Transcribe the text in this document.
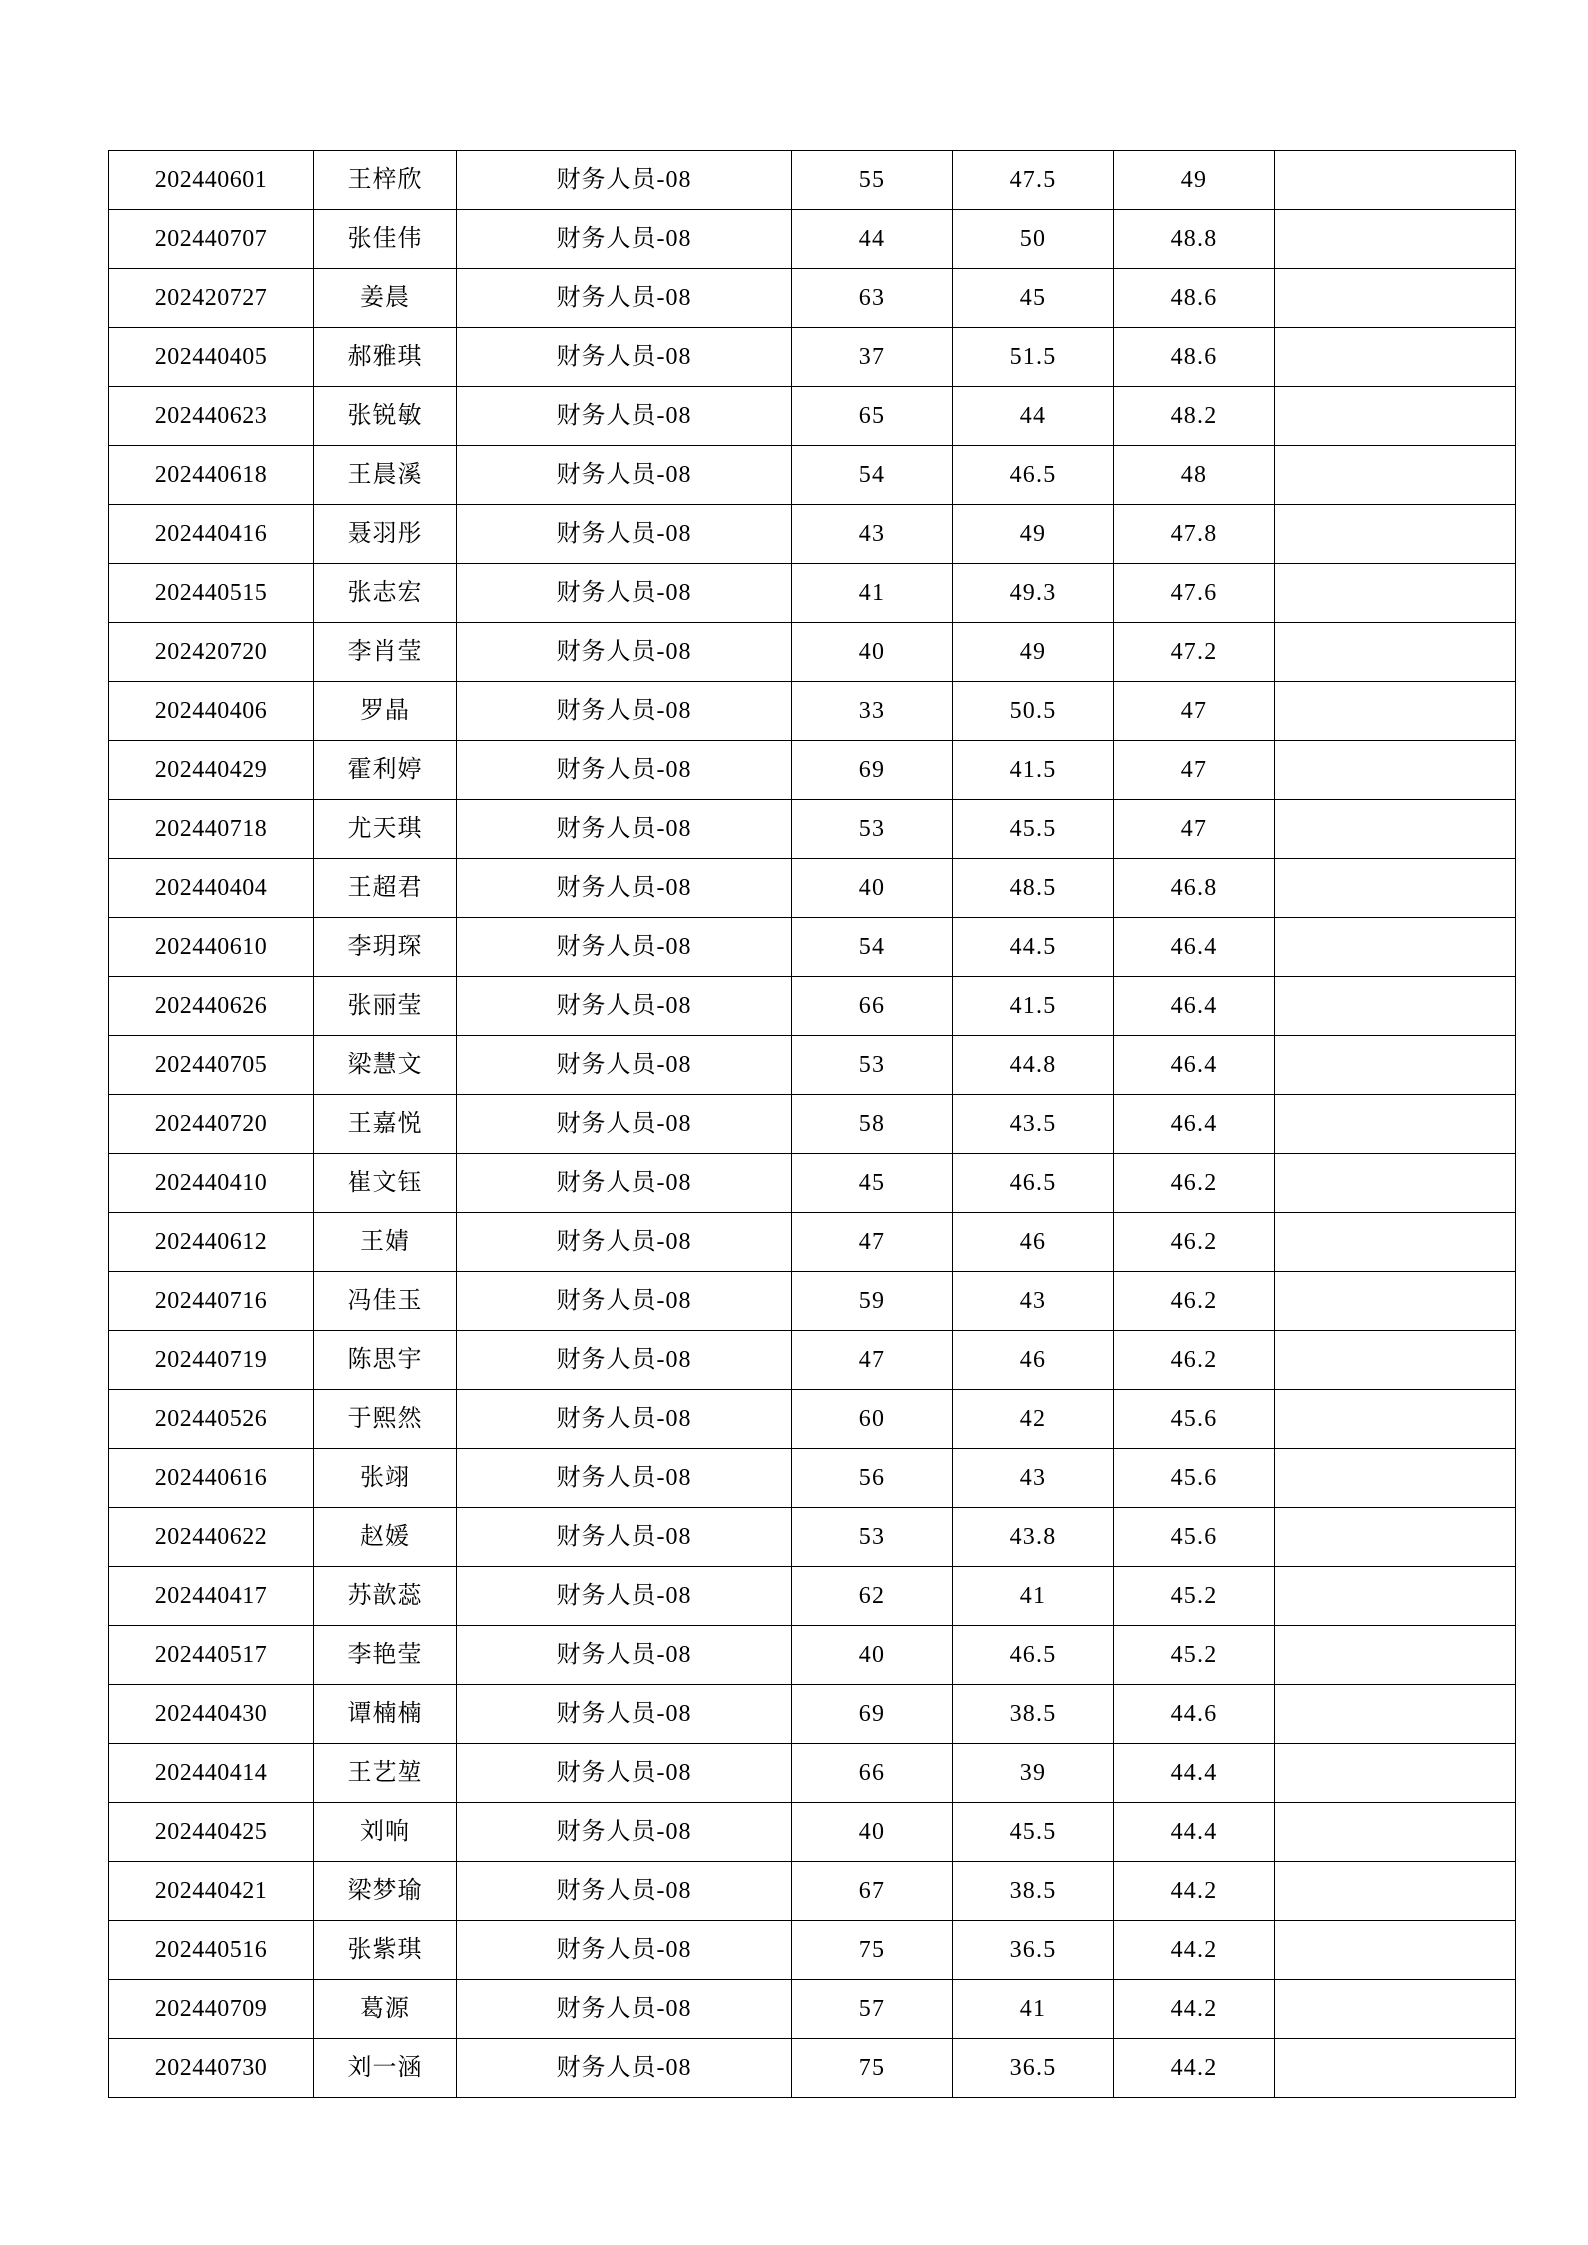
202440601	王梓欣	财务人员-08	55	47.5	49	
202440707	张佳伟	财务人员-08	44	50	48.8	
202420727	姜晨	财务人员-08	63	45	48.6	
202440405	郝雅琪	财务人员-08	37	51.5	48.6	
202440623	张锐敏	财务人员-08	65	44	48.2	
202440618	王晨溪	财务人员-08	54	46.5	48	
202440416	聂羽彤	财务人员-08	43	49	47.8	
202440515	张志宏	财务人员-08	41	49.3	47.6	
202420720	李肖莹	财务人员-08	40	49	47.2	
202440406	罗晶	财务人员-08	33	50.5	47	
202440429	霍利婷	财务人员-08	69	41.5	47	
202440718	尤天琪	财务人员-08	53	45.5	47	
202440404	王超君	财务人员-08	40	48.5	46.8	
202440610	李玥琛	财务人员-08	54	44.5	46.4	
202440626	张丽莹	财务人员-08	66	41.5	46.4	
202440705	梁慧文	财务人员-08	53	44.8	46.4	
202440720	王嘉悦	财务人员-08	58	43.5	46.4	
202440410	崔文钰	财务人员-08	45	46.5	46.2	
202440612	王婧	财务人员-08	47	46	46.2	
202440716	冯佳玉	财务人员-08	59	43	46.2	
202440719	陈思宇	财务人员-08	47	46	46.2	
202440526	于熙然	财务人员-08	60	42	45.6	
202440616	张翊	财务人员-08	56	43	45.6	
202440622	赵媛	财务人员-08	53	43.8	45.6	
202440417	苏歆蕊	财务人员-08	62	41	45.2	
202440517	李艳莹	财务人员-08	40	46.5	45.2	
202440430	谭楠楠	财务人员-08	69	38.5	44.6	
202440414	王艺堃	财务人员-08	66	39	44.4	
202440425	刘响	财务人员-08	40	45.5	44.4	
202440421	梁梦瑜	财务人员-08	67	38.5	44.2	
202440516	张紫琪	财务人员-08	75	36.5	44.2	
202440709	葛源	财务人员-08	57	41	44.2	
202440730	刘一涵	财务人员-08	75	36.5	44.2	
